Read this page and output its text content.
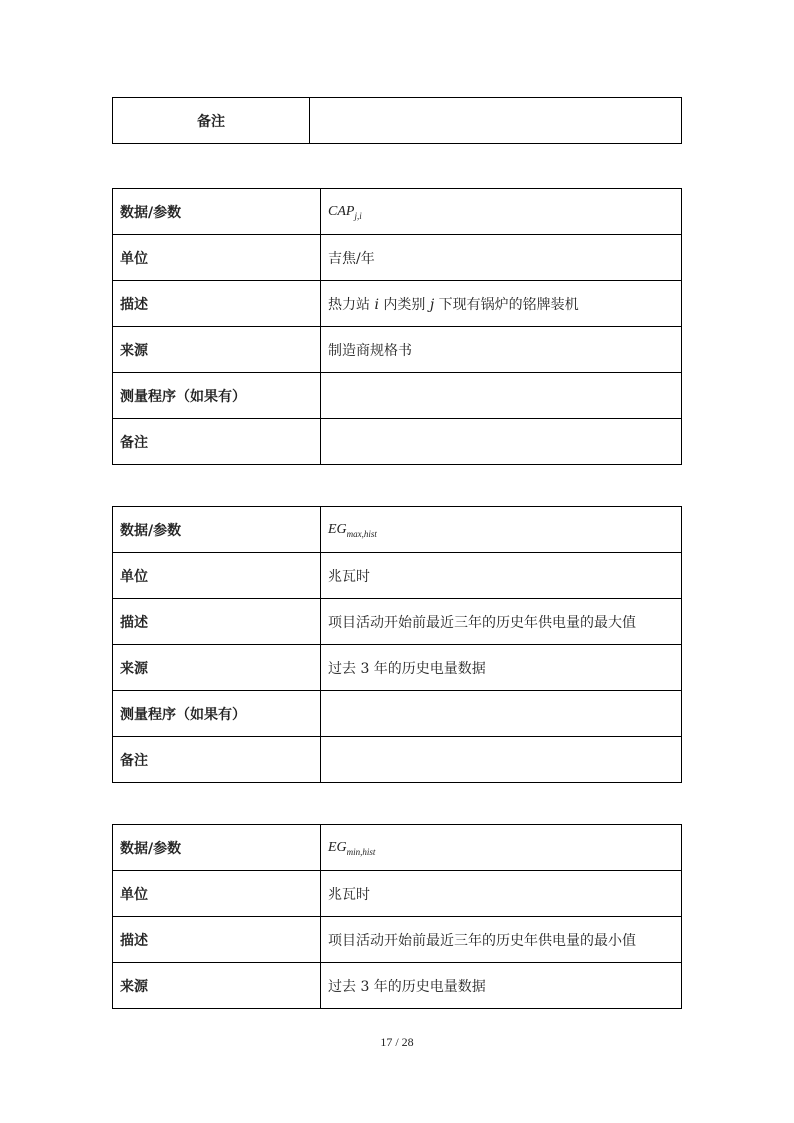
备注	
数据/参数	$CAP_{j,i}$
单位	吉焦/年
描述	热力站 i 内类别 j 下现有锅炉的铭牌装机
来源	制造商规格书
测量程序（如果有）	
备注	
数据/参数	$EG_{max,hist}$
单位	兆瓦时
描述	项目活动开始前最近三年的历史年供电量的最大值
来源	过去 3 年的历史电量数据
测量程序（如果有）	
备注	
数据/参数	$EG_{min,hist}$
单位	兆瓦时
描述	项目活动开始前最近三年的历史年供电量的最小值
来源	过去 3 年的历史电量数据
17 / 28
